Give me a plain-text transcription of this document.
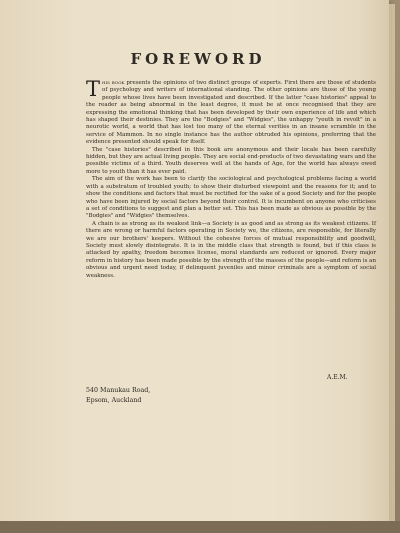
FOREWORD

This book presents the opinions of two distinct groups of experts. First there are those of students of psychology and writers of international standing. The other opinions are those of the young people whose lives have been investigated and described. If the latter "case histories" appeal to the reader as being abnormal in the least degree, it must be at once recognised that they are expressing the emotional thinking that has been developed by their own experience of life and which has shaped their destinies. They are the "Bodgies" and "Widgies", the unhappy "youth in revolt" in a neurotic world, a world that has lost too many of the eternal verities in an insane scramble in the service of Mammon. In no single instance has the author obtruded his opinions, preferring that the evidence presented should speak for itself.

The "case histories" described in this book are anonymous and their locale has been carefully hidden, but they are actual living people. They are social end-products of two devastating wars and the possible victims of a third. Youth deserves well at the hands of Age, for the world has always owed more to youth than it has ever paid.

The aim of the work has been to clarify the sociological and psychological problems facing a world with a substratum of troubled youth; to show their disturbed viewpoint and the reasons for it; and to show the conditions and factors that must be rectified for the sake of a good Society and for the people who have been injured by social factors beyond their control. It is incumbent on anyone who criticises a set of conditions to suggest and plan a better set. This has been made as obvious as possible by the "Bodgies" and "Widgies" themselves.

A chain is as strong as its weakest link—a Society is as good and as strong as its weakest citizens. If there are wrong or harmful factors operating in Society we, the citizens, are responsible, for literally we are our brothers' keepers. Without the cohesive forces of mutual responsibility and goodwill, Society must slowly disintegrate. It is in the middle class that strength is found, but if this class is attacked by apathy, freedom becomes license, moral standards are reduced or ignored. Every major reform in history has been made possible by the strength of the masses of the people—and reform is an obvious and urgent need today, if delinquent juveniles and minor criminals are a symptom of social weakness.

A.E.M.
540 Manukau Road,
Epsom, Auckland
